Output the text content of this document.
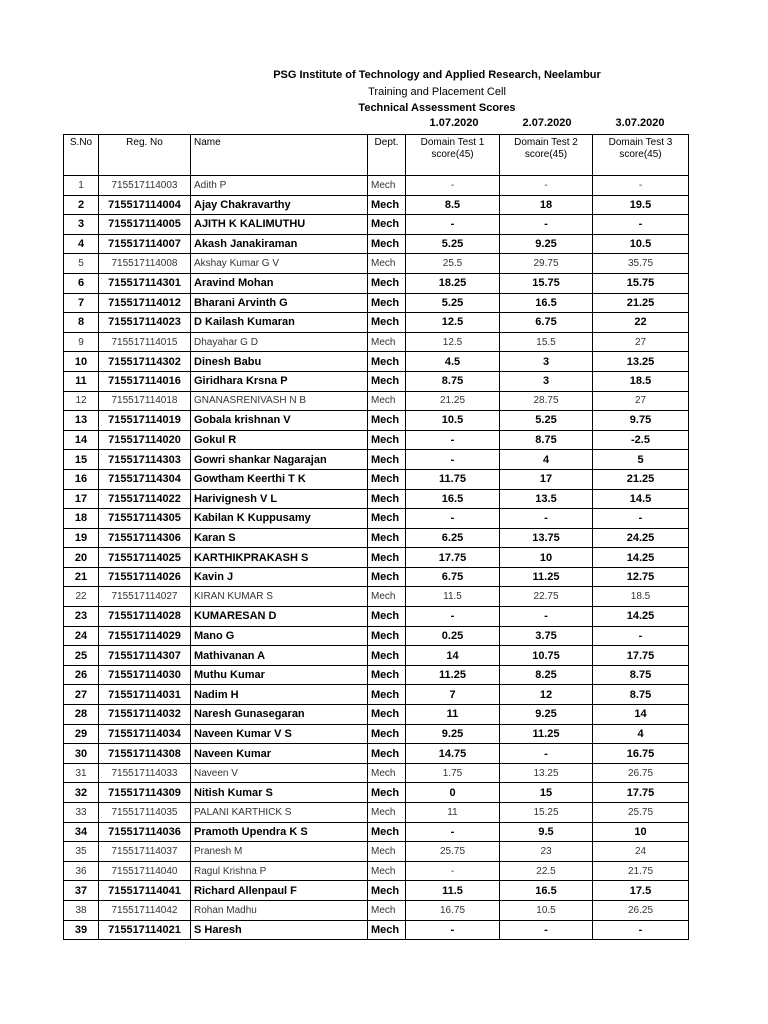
PSG Institute of Technology and Applied Research, Neelambur
Training and Placement Cell
Technical Assessment Scores
1.07.2020	2.07.2020	3.07.2020
S.No	Reg. No	Name	Dept.	Domain Test 1 score(45)	Domain Test 2 score(45)	Domain Test 3 score(45)
1	715517114003	Adith P	Mech	-	-	-
2	715517114004	Ajay Chakravarthy	Mech	8.5	18	19.5
3	715517114005	AJITH K KALIMUTHU	Mech	-	-	-
4	715517114007	Akash Janakiraman	Mech	5.25	9.25	10.5
5	715517114008	Akshay Kumar G V	Mech	25.5	29.75	35.75
6	715517114301	Aravind Mohan	Mech	18.25	15.75	15.75
7	715517114012	Bharani Arvinth G	Mech	5.25	16.5	21.25
8	715517114023	D Kailash Kumaran	Mech	12.5	6.75	22
9	715517114015	Dhayahar G D	Mech	12.5	15.5	27
10	715517114302	Dinesh Babu	Mech	4.5	3	13.25
11	715517114016	Giridhara Krsna P	Mech	8.75	3	18.5
12	715517114018	GNANASRENIVASH N B	Mech	21.25	28.75	27
13	715517114019	Gobala krishnan V	Mech	10.5	5.25	9.75
14	715517114020	Gokul R	Mech	-	8.75	-2.5
15	715517114303	Gowri shankar Nagarajan	Mech	-	4	5
16	715517114304	Gowtham Keerthi T K	Mech	11.75	17	21.25
17	715517114022	Harivignesh V L	Mech	16.5	13.5	14.5
18	715517114305	Kabilan K Kuppusamy	Mech	-	-	-
19	715517114306	Karan S	Mech	6.25	13.75	24.25
20	715517114025	KARTHIKPRAKASH S	Mech	17.75	10	14.25
21	715517114026	Kavin J	Mech	6.75	11.25	12.75
22	715517114027	KIRAN KUMAR S	Mech	11.5	22.75	18.5
23	715517114028	KUMARESAN D	Mech	-	-	14.25
24	715517114029	Mano G	Mech	0.25	3.75	-
25	715517114307	Mathivanan A	Mech	14	10.75	17.75
26	715517114030	Muthu Kumar	Mech	11.25	8.25	8.75
27	715517114031	Nadim H	Mech	7	12	8.75
28	715517114032	Naresh Gunasegaran	Mech	11	9.25	14
29	715517114034	Naveen Kumar V S	Mech	9.25	11.25	4
30	715517114308	Naveen Kumar	Mech	14.75	-	16.75
31	715517114033	Naveen V	Mech	1.75	13.25	26.75
32	715517114309	Nitish Kumar S	Mech	0	15	17.75
33	715517114035	PALANI KARTHICK S	Mech	11	15.25	25.75
34	715517114036	Pramoth Upendra K S	Mech	-	9.5	10
35	715517114037	Pranesh M	Mech	25.75	23	24
36	715517114040	Ragul Krishna P	Mech	-	22.5	21.75
37	715517114041	Richard Allenpaul F	Mech	11.5	16.5	17.5
38	715517114042	Rohan Madhu	Mech	16.75	10.5	26.25
39	715517114021	S Haresh	Mech	-	-	-
